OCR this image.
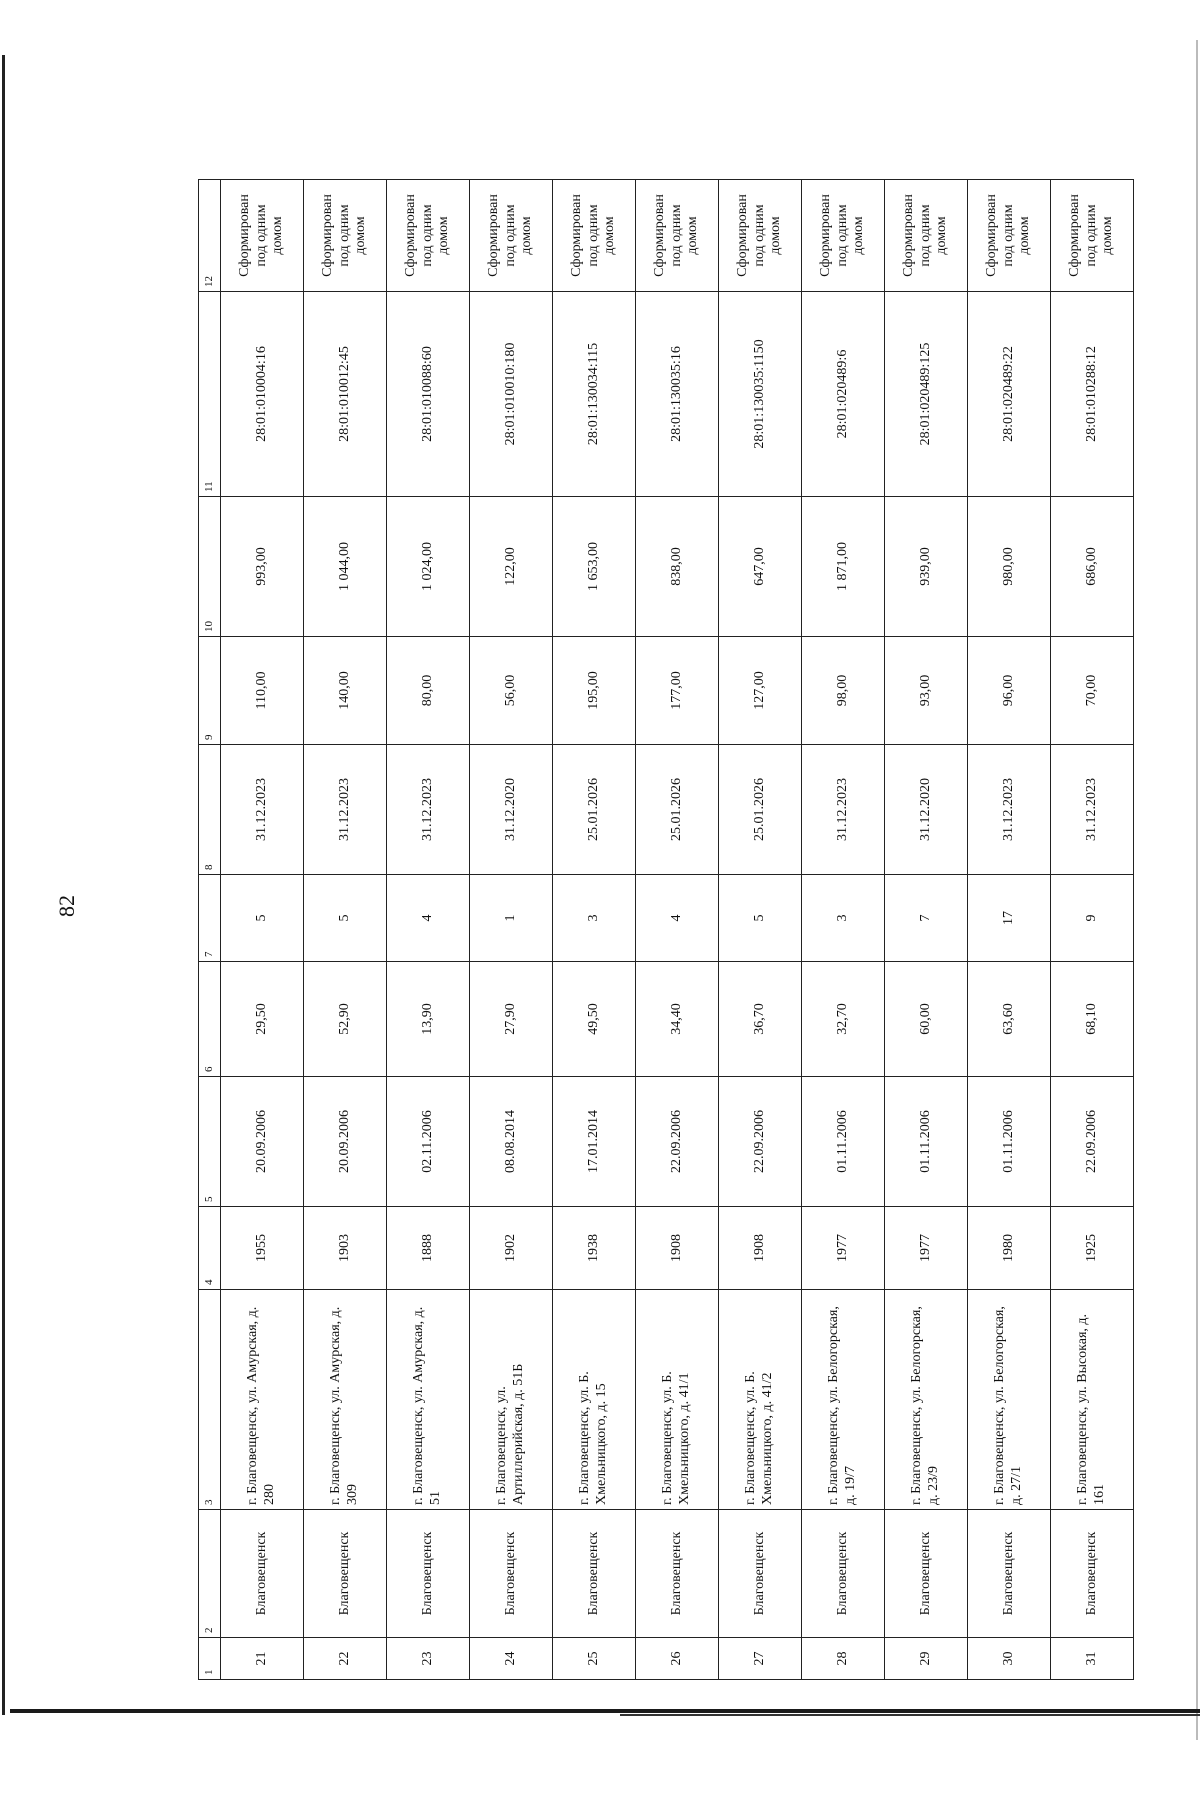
82
1	2	3	4	5	6	7	8	9	10	11	12
21	Благовещенск	г. Благовещенск, ул. Амурская, д. 280	1955	20.09.2006	29,50	5	31.12.2023	110,00	993,00	28:01:010004:16	Сформирован под одним домом
22	Благовещенск	г. Благовещенск, ул. Амурская, д. 309	1903	20.09.2006	52,90	5	31.12.2023	140,00	1 044,00	28:01:010012:45	Сформирован под одним домом
23	Благовещенск	г. Благовещенск, ул. Амурская, д. 51	1888	02.11.2006	13,90	4	31.12.2023	80,00	1 024,00	28:01:010088:60	Сформирован под одним домом
24	Благовещенск	г. Благовещенск, ул. Артиллерийская, д. 51Б	1902	08.08.2014	27,90	1	31.12.2020	56,00	122,00	28:01:010010:180	Сформирован под одним домом
25	Благовещенск	г. Благовещенск, ул. Б. Хмельницкого, д. 15	1938	17.01.2014	49,50	3	25.01.2026	195,00	1 653,00	28:01:130034:115	Сформирован под одним домом
26	Благовещенск	г. Благовещенск, ул. Б. Хмельницкого, д. 41/1	1908	22.09.2006	34,40	4	25.01.2026	177,00	838,00	28:01:130035:16	Сформирован под одним домом
27	Благовещенск	г. Благовещенск, ул. Б. Хмельницкого, д. 41/2	1908	22.09.2006	36,70	5	25.01.2026	127,00	647,00	28:01:130035:1150	Сформирован под одним домом
28	Благовещенск	г. Благовещенск, ул. Белогорская, д. 19/7	1977	01.11.2006	32,70	3	31.12.2023	98,00	1 871,00	28:01:020489:6	Сформирован под одним домом
29	Благовещенск	г. Благовещенск, ул. Белогорская, д. 23/9	1977	01.11.2006	60,00	7	31.12.2020	93,00	939,00	28:01:020489:125	Сформирован под одним домом
30	Благовещенск	г. Благовещенск, ул. Белогорская, д. 27/1	1980	01.11.2006	63,60	17	31.12.2023	96,00	980,00	28:01:020489:22	Сформирован под одним домом
31	Благовещенск	г. Благовещенск, ул. Высокая, д. 161	1925	22.09.2006	68,10	9	31.12.2023	70,00	686,00	28:01:010288:12	Сформирован под одним домом
